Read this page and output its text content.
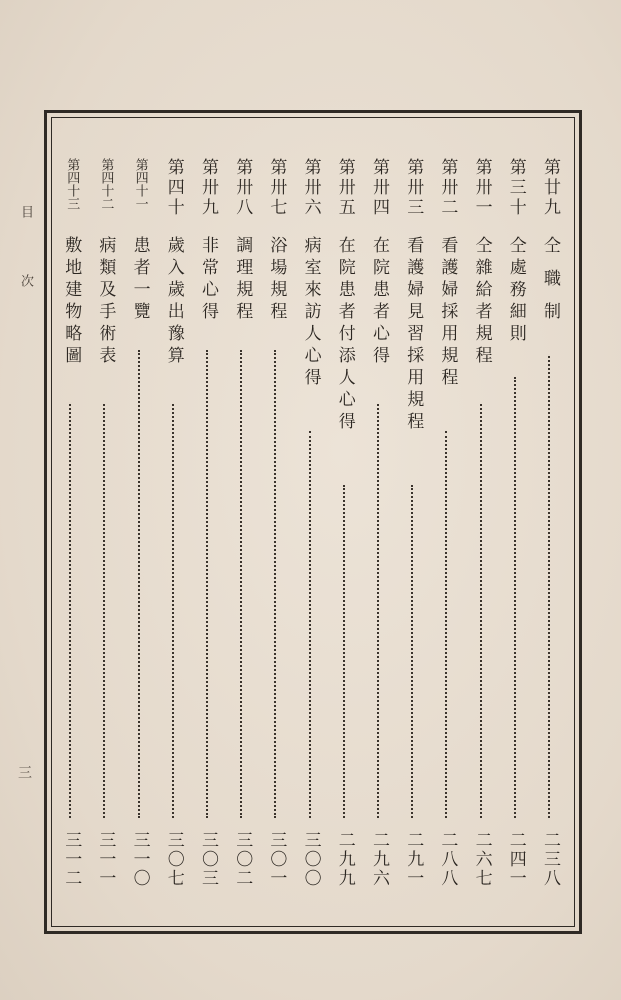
目次
三
第廿九
仝職制
二三八
第三十
仝處務細則
二四一
第卅一
仝雜給者規程
二六七
第卅二
看護婦採用規程
二八八
第卅三
看護婦見習採用規程
二九一
第卅四
在院患者心得
二九六
第卅五
在院患者付添人心得
二九九
第卅六
病室來訪人心得
三〇〇
第卅七
浴場規程
三〇一
第卅八
調理規程
三〇二
第卅九
非常心得
三〇三
第四十
歲入歲出豫算
三〇七
第四十一
患者一覽
三一〇
第四十二
病類及手術表
三一一
第四十三
敷地建物略圖
三一二
